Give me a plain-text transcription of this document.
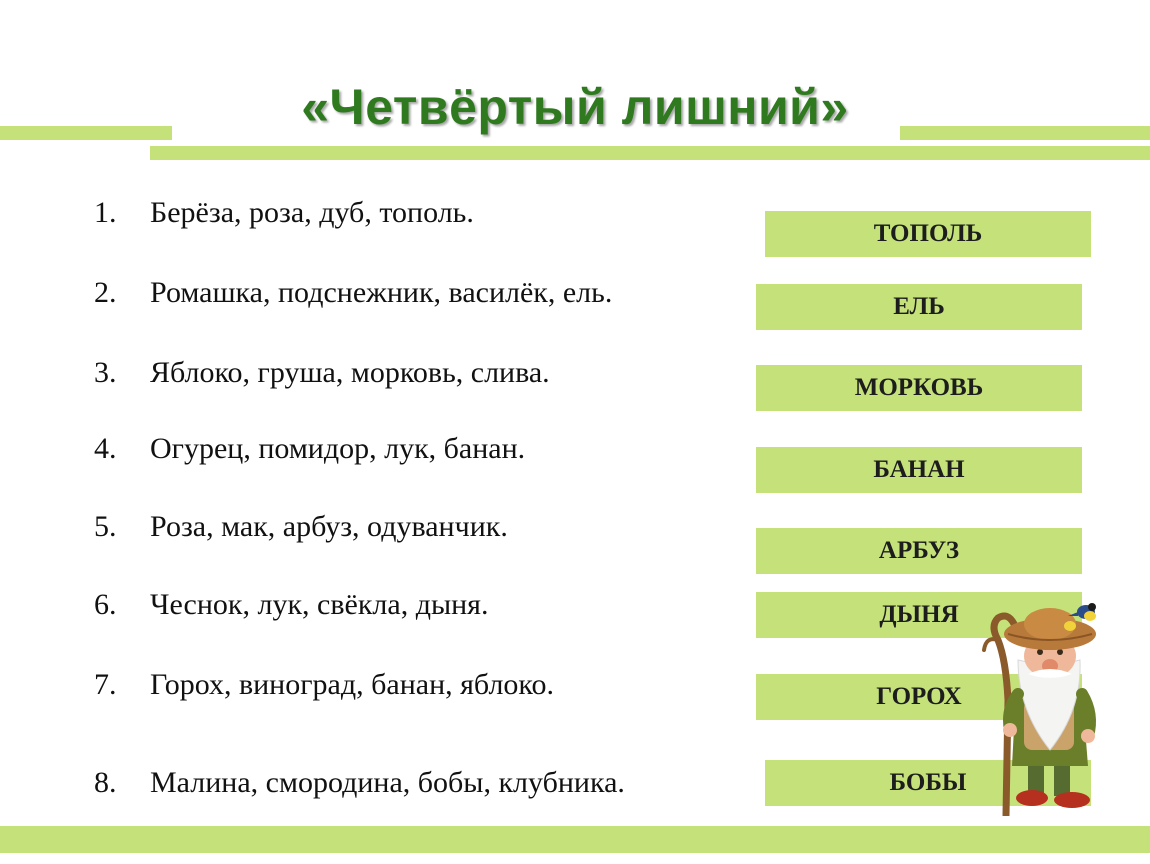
«Четвёртый лишний»
1. Берёза, роза, дуб, тополь.
2. Ромашка, подснежник, василёк, ель.
3. Яблоко, груша, морковь, слива.
4. Огурец, помидор, лук, банан.
5. Роза, мак, арбуз, одуванчик.
6. Чеснок, лук, свёкла, дыня.
7. Горох, виноград, банан, яблоко.
8. Малина, смородина, бобы, клубника.
ТОПОЛЬ
ЕЛЬ
МОРКОВЬ
БАНАН
АРБУЗ
ДЫНЯ
ГОРОХ
БОБЫ
